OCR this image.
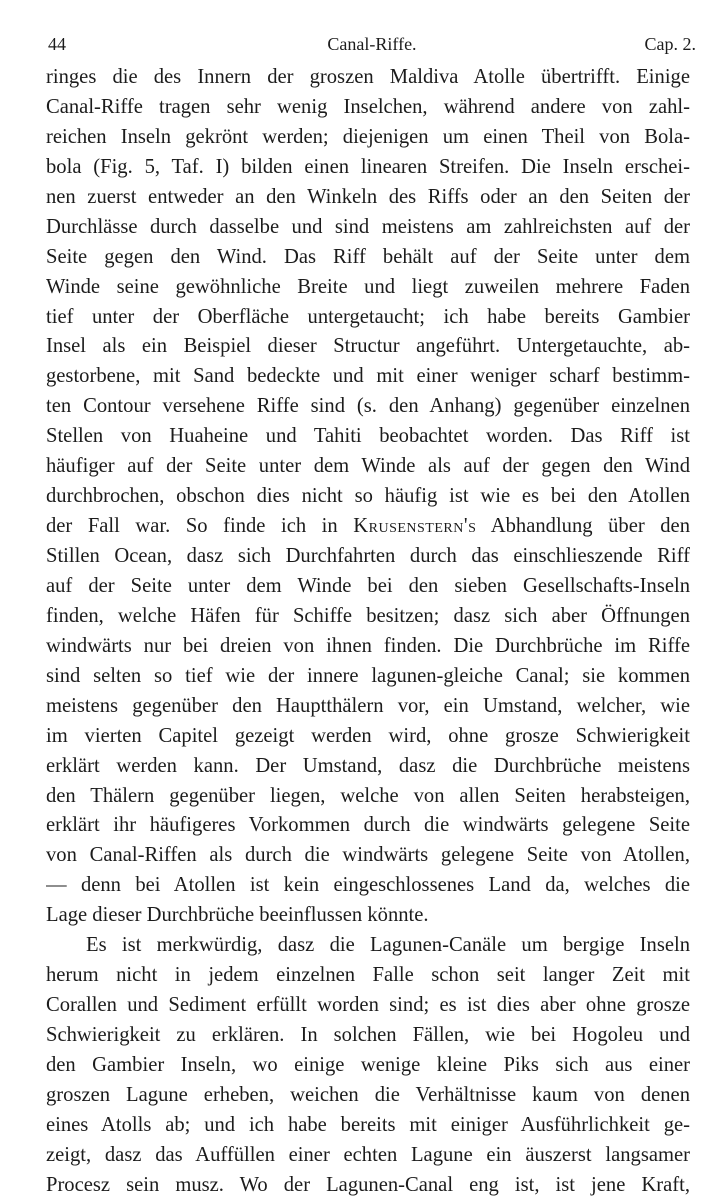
44	Canal-Riffe.	Cap. 2.
ringes die des Innern der groszen Maldiva Atolle übertrifft. Einige
Canal-Riffe tragen sehr wenig Inselchen, während andere von zahl-
reichen Inseln gekrönt werden; diejenigen um einen Theil von Bola-
bola (Fig. 5, Taf. I) bilden einen linearen Streifen. Die Inseln erschei-
nen zuerst entweder an den Winkeln des Riffs oder an den Seiten der
Durchlässe durch dasselbe und sind meistens am zahlreichsten auf der
Seite gegen den Wind. Das Riff behält auf der Seite unter dem
Winde seine gewöhnliche Breite und liegt zuweilen mehrere Faden
tief unter der Oberfläche untergetaucht; ich habe bereits Gambier
Insel als ein Beispiel dieser Structur angeführt. Untergetauchte, ab-
gestorbene, mit Sand bedeckte und mit einer weniger scharf bestimm-
ten Contour versehene Riffe sind (s. den Anhang) gegenüber einzelnen
Stellen von Huaheine und Tahiti beobachtet worden. Das Riff ist
häufiger auf der Seite unter dem Winde als auf der gegen den Wind
durchbrochen, obschon dies nicht so häufig ist wie es bei den Atollen
der Fall war. So finde ich in Krusenstern's Abhandlung über den
Stillen Ocean, dasz sich Durchfahrten durch das einschlieszende Riff
auf der Seite unter dem Winde bei den sieben Gesellschafts-Inseln
finden, welche Häfen für Schiffe besitzen; dasz sich aber Öffnungen
windwärts nur bei dreien von ihnen finden. Die Durchbrüche im Riffe
sind selten so tief wie der innere lagunen-gleiche Canal; sie kommen
meistens gegenüber den Hauptthälern vor, ein Umstand, welcher, wie
im vierten Capitel gezeigt werden wird, ohne grosze Schwierigkeit
erklärt werden kann. Der Umstand, dasz die Durchbrüche meistens
den Thälern gegenüber liegen, welche von allen Seiten herabsteigen,
erklärt ihr häufigeres Vorkommen durch die windwärts gelegene Seite
von Canal-Riffen als durch die windwärts gelegene Seite von Atollen,
— denn bei Atollen ist kein eingeschlossenes Land da, welches die
Lage dieser Durchbrüche beeinflussen könnte.
Es ist merkwürdig, dasz die Lagunen-Canäle um bergige Inseln
herum nicht in jedem einzelnen Falle schon seit langer Zeit mit
Corallen und Sediment erfüllt worden sind; es ist dies aber ohne grosze
Schwierigkeit zu erklären. In solchen Fällen, wie bei Hogoleu und
den Gambier Inseln, wo einige wenige kleine Piks sich aus einer
groszen Lagune erheben, weichen die Verhältnisse kaum von denen
eines Atolls ab; und ich habe bereits mit einiger Ausführlichkeit ge-
zeigt, dasz das Auffüllen einer echten Lagune ein äuszerst langsamer
Procesz sein musz. Wo der Lagunen-Canal eng ist, ist jene Kraft,
